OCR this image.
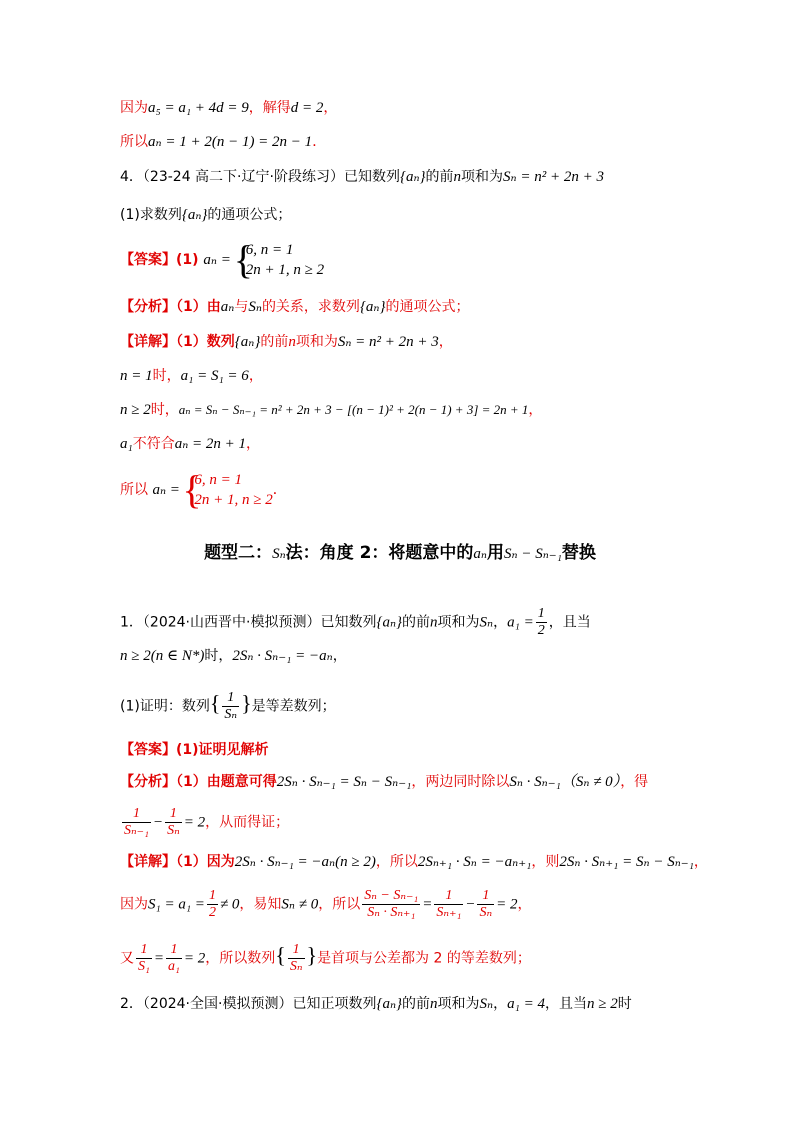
因为a₅ = a₁ + 4d = 9，解得d = 2，
所以aₙ = 1 + 2(n − 1) = 2n − 1．
4．（23-24 高二下·辽宁·阶段练习）已知数列{aₙ}的前n项和为Sₙ = n² + 2n + 3
(1)求数列{aₙ}的通项公式；
【答案】(1) aₙ =
{ 6, n = 1
2n + 1, n ≥ 2
【分析】（1）由aₙ与Sₙ的关系，求数列{aₙ}的通项公式；
【详解】（1）数列{aₙ}的前n项和为Sₙ = n² + 2n + 3，
n = 1时，a₁ = S₁ = 6，
n ≥ 2时，aₙ = Sₙ − Sₙ₋₁ = n² + 2n + 3 − [(n − 1)² + 2(n − 1) + 3] = 2n + 1，
a₁不符合aₙ = 2n + 1，
所以 aₙ =
{ 6, n = 1
2n + 1, n ≥ 2
．
题型二：Sₙ法：角度 2：将题意中的aₙ用Sₙ − Sₙ₋₁替换
1．（2024·山西晋中·模拟预测）已知数列{aₙ}的前n项和为Sₙ，$a_1 = \frac{1}{2}$ ，且当
n ≥ 2(n ∈ N*)时，2Sₙ · Sₙ₋₁ = −aₙ，
(1)证明：数列{ $\frac{1}{\text{Sₙ}}$ }是等差数列；
【答案】(1)证明见解析
【分析】（1）由题意可得2Sₙ · Sₙ₋₁ = Sₙ − Sₙ₋₁，两边同时除以Sₙ · Sₙ₋₁（Sₙ ≠ 0），得
$\frac{1}{\text{Sₙ₋₁}} - \frac{1}{\text{Sₙ}} = 2$，从而得证；
【详解】（1）因为2Sₙ · Sₙ₋₁ = −aₙ(n ≥ 2)，所以2Sₙ₊₁ · Sₙ = −aₙ₊₁，则2Sₙ · Sₙ₊₁ = Sₙ − Sₙ₋₁，
因为$S_1 = a_1 = \frac{1}{2} \ne 0$，易知Sₙ ≠ 0，所以 $\frac{\text{Sₙ − Sₙ₋₁}}{\text{Sₙ · Sₙ₊₁}} = \frac{1}{\text{Sₙ₊₁}} - \frac{1}{\text{Sₙ}} = 2$，
又 $\frac{1}{\text{S₁}} = \frac{1}{\text{a₁}} = 2$，所以数列{ $\frac{1}{\text{Sₙ}}$ }是首项与公差都为 2 的等差数列；
2．（2024·全国·模拟预测）已知正项数列{aₙ}的前n项和为Sₙ，a₁ = 4，且当n ≥ 2时
